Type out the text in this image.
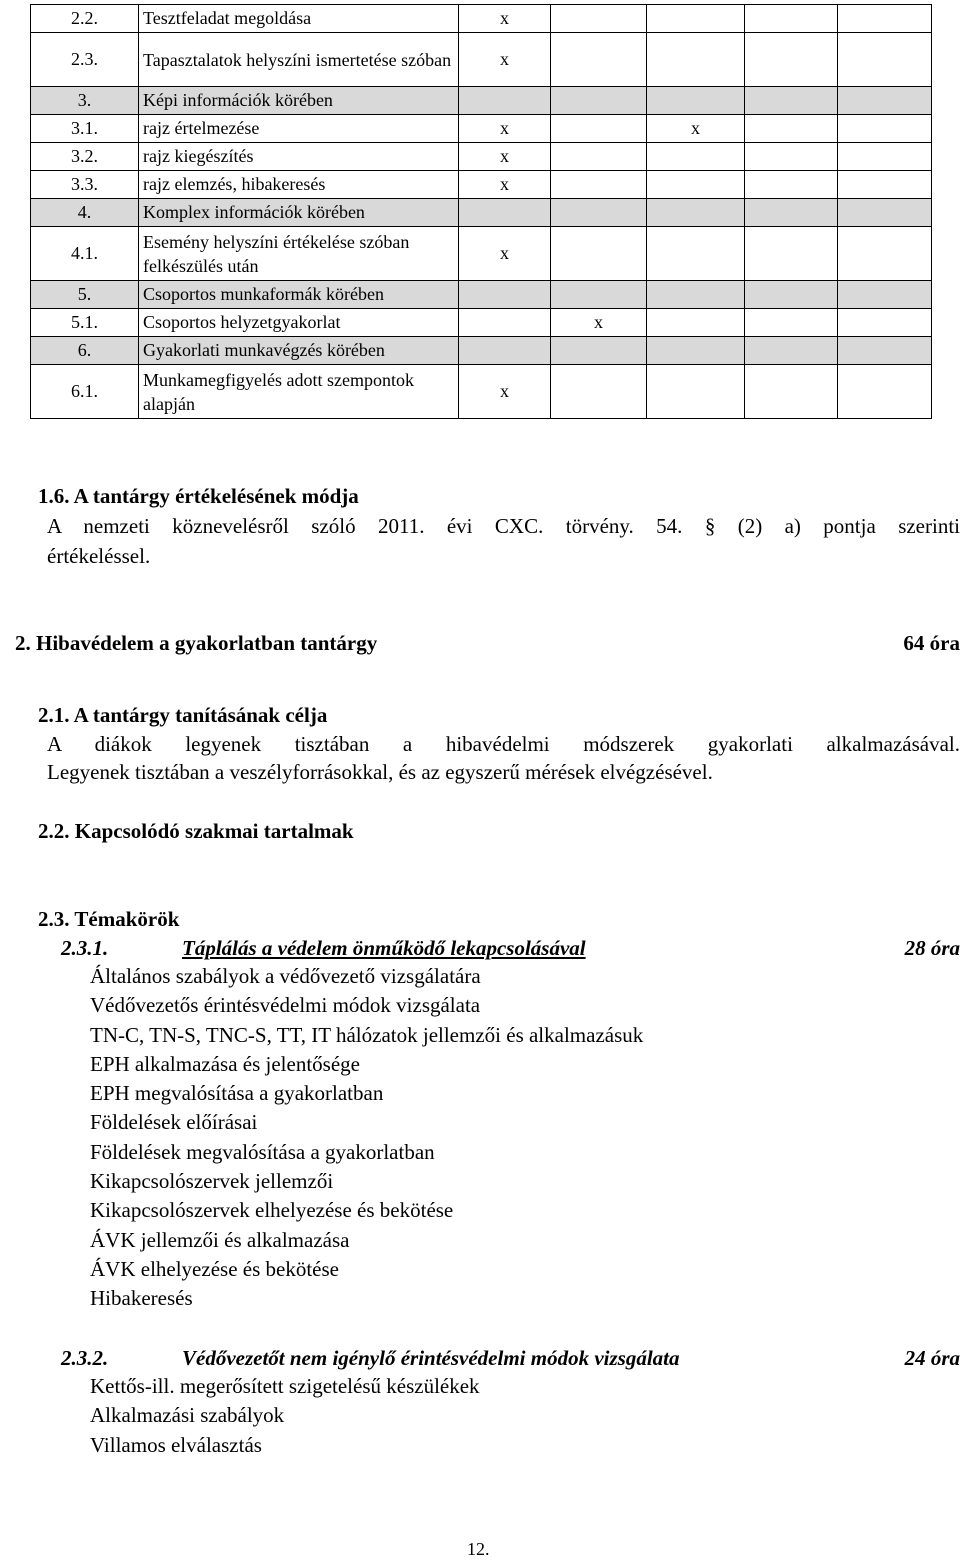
2.2.	Tesztfeladat megoldása	x				
2.3.	Tapasztalatok helyszíni ismertetése szóban	x				
3.	Képi információk körében					
3.1.	rajz értelmezése	x		x		
3.2.	rajz kiegészítés	x				
3.3.	rajz elemzés, hibakeresés	x				
4.	Komplex információk körében					
4.1.	Esemény helyszíni értékelése szóban felkészülés után	x				
5.	Csoportos munkaformák körében					
5.1.	Csoportos helyzetgyakorlat		x			
6.	Gyakorlati munkavégzés körében					
6.1.	Munkamegfigyelés adott szempontok alapján	x				
1.6. A tantárgy értékelésének módja
A nemzeti köznevelésről szóló 2011. évi CXC. törvény. 54. § (2) a) pontja szerinti
értékeléssel.
2. Hibavédelem a gyakorlatban tantárgy	64 óra
2.1. A tantárgy tanításának célja
A diákok legyenek tisztában a hibavédelmi módszerek gyakorlati alkalmazásával.
Legyenek tisztában a veszélyforrásokkal, és az egyszerű mérések elvégzésével.
2.2. Kapcsolódó szakmai tartalmak
2.3. Témakörök
2.3.1.	Táplálás a védelem önműködő lekapcsolásával	28 óra
Általános szabályok a védővezető vizsgálatára
Védővezetős érintésvédelmi módok vizsgálata
TN-C, TN-S, TNC-S, TT, IT hálózatok jellemzői és alkalmazásuk
EPH alkalmazása és jelentősége
EPH megvalósítása a gyakorlatban
Földelések előírásai
Földelések megvalósítása a gyakorlatban
Kikapcsolószervek jellemzői
Kikapcsolószervek elhelyezése és bekötése
ÁVK jellemzői és alkalmazása
ÁVK elhelyezése és bekötése
Hibakeresés
2.3.2.	Védővezetőt nem igénylő érintésvédelmi módok vizsgálata	24 óra
Kettős-ill. megerősített szigetelésű készülékek
Alkalmazási szabályok
Villamos elválasztás
12.
